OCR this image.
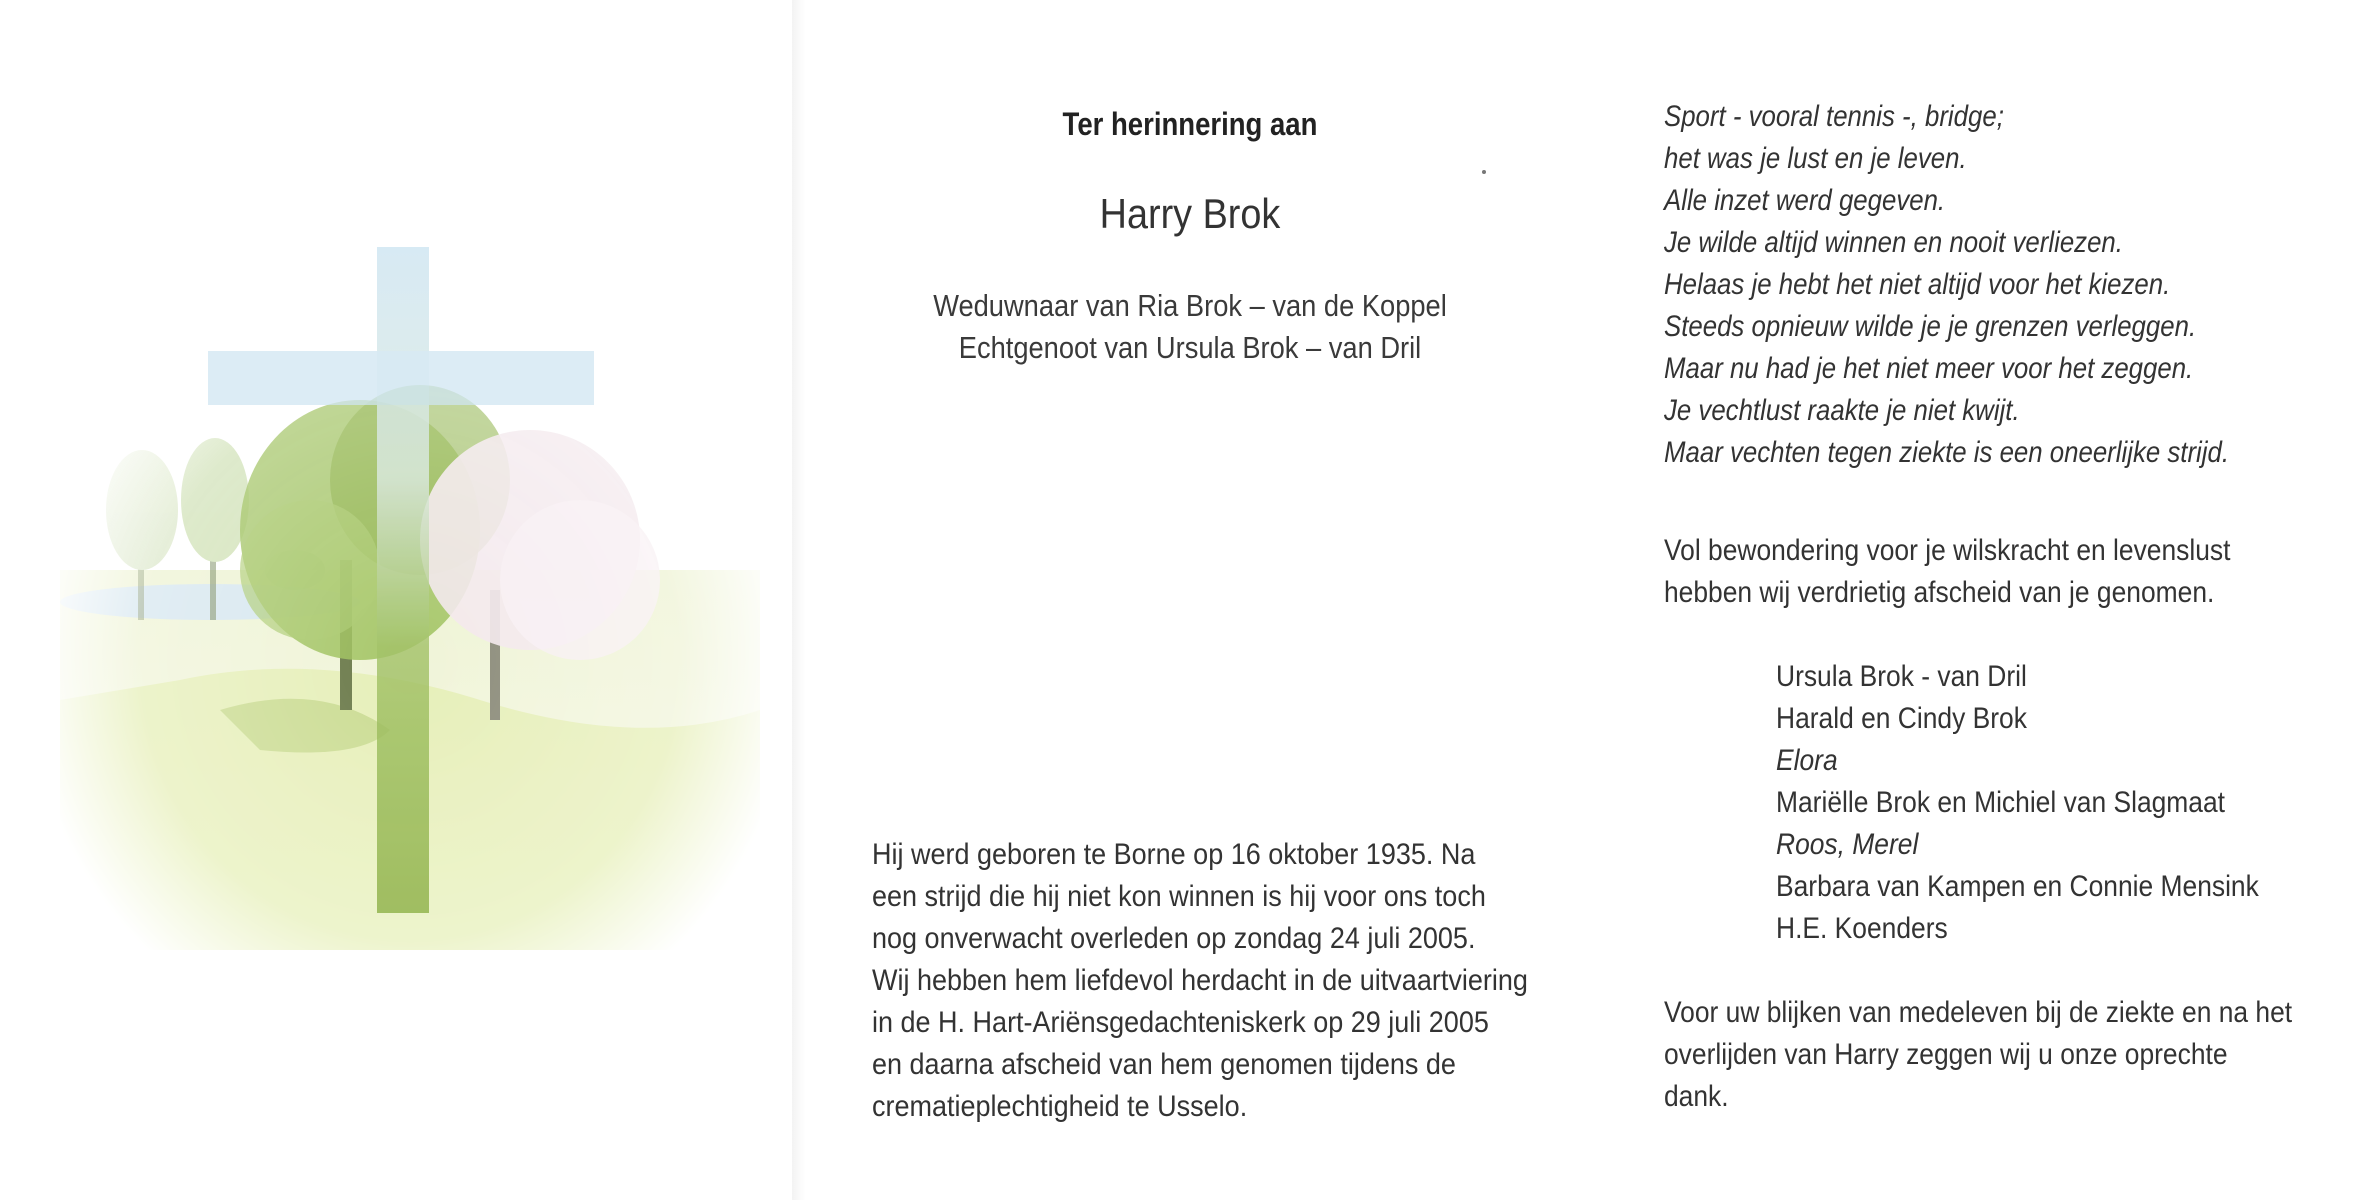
Ter herinnering aan
Harry Brok

Weduwnaar van Ria Brok – van de Koppel

Echtgenoot van Ursula Brok – van Dril

Hij werd geboren te Borne op 16 oktober 1935. Na
een strijd die hij niet kon winnen is hij voor ons toch
nog onverwacht overleden op zondag 24 juli 2005.
Wij hebben hem liefdevol herdacht in de uitvaartviering
in de H. Hart-Ariënsgedachteniskerk op 29 juli 2005
en daarna afscheid van hem genomen tijdens de
crematieplechtigheid te Usselo.
Sport - vooral tennis -, bridge;
het was je lust en je leven.
Alle inzet werd gegeven.
Je wilde altijd winnen en nooit verliezen.
Helaas je hebt het niet altijd voor het kiezen.
Steeds opnieuw wilde je je grenzen verleggen.
Maar nu had je het niet meer voor het zeggen.
Je vechtlust raakte je niet kwijt.
Maar vechten tegen ziekte is een oneerlijke strijd.
Vol bewondering voor je wilskracht en levenslust
hebben wij verdrietig afscheid van je genomen.
Ursula Brok - van Dril
Harald en Cindy Brok
Elora
Mariëlle Brok en Michiel van Slagmaat
Roos, Merel
Barbara van Kampen en Connie Mensink
H.E. Koenders
Voor uw blijken van medeleven bij de ziekte en na het
overlijden van Harry zeggen wij u onze oprechte
dank.
